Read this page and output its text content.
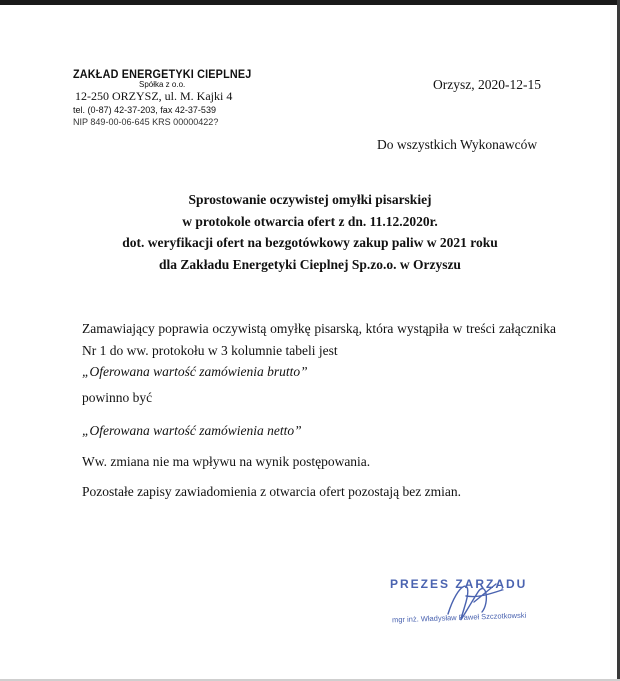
ZAKŁAD ENERGETYKI CIEPLNEJ
Spółka z o.o.
12-250 ORZYSZ, ul. M. Kajki 4
tel. (0-87) 42-37-203, fax 42-37-539
NIP 849-00-06-645 KRS 00000422?
Orzysz, 2020-12-15
Do wszystkich Wykonawców
Sprostowanie oczywistej omyłki pisarskiej
w protokole otwarcia ofert z dn. 11.12.2020r.
dot. weryfikacji ofert na bezgotówkowy zakup paliw w 2021 roku
dla Zakładu Energetyki Cieplnej Sp.zo.o. w Orzyszu
Zamawiający poprawia oczywistą omyłkę pisarską, która wystąpiła w treści załącznika Nr 1 do ww. protokołu w 3 kolumnie tabeli jest
„Oferowana wartość zamówienia brutto”
powinno być
„Oferowana wartość zamówienia netto”
Ww. zmiana nie ma wpływu na wynik postępowania.
Pozostałe zapisy zawiadomienia z otwarcia ofert pozostają bez zmian.
PREZES ZARZĄDU
mgr inż. Władysław Paweł Szczotkowski
